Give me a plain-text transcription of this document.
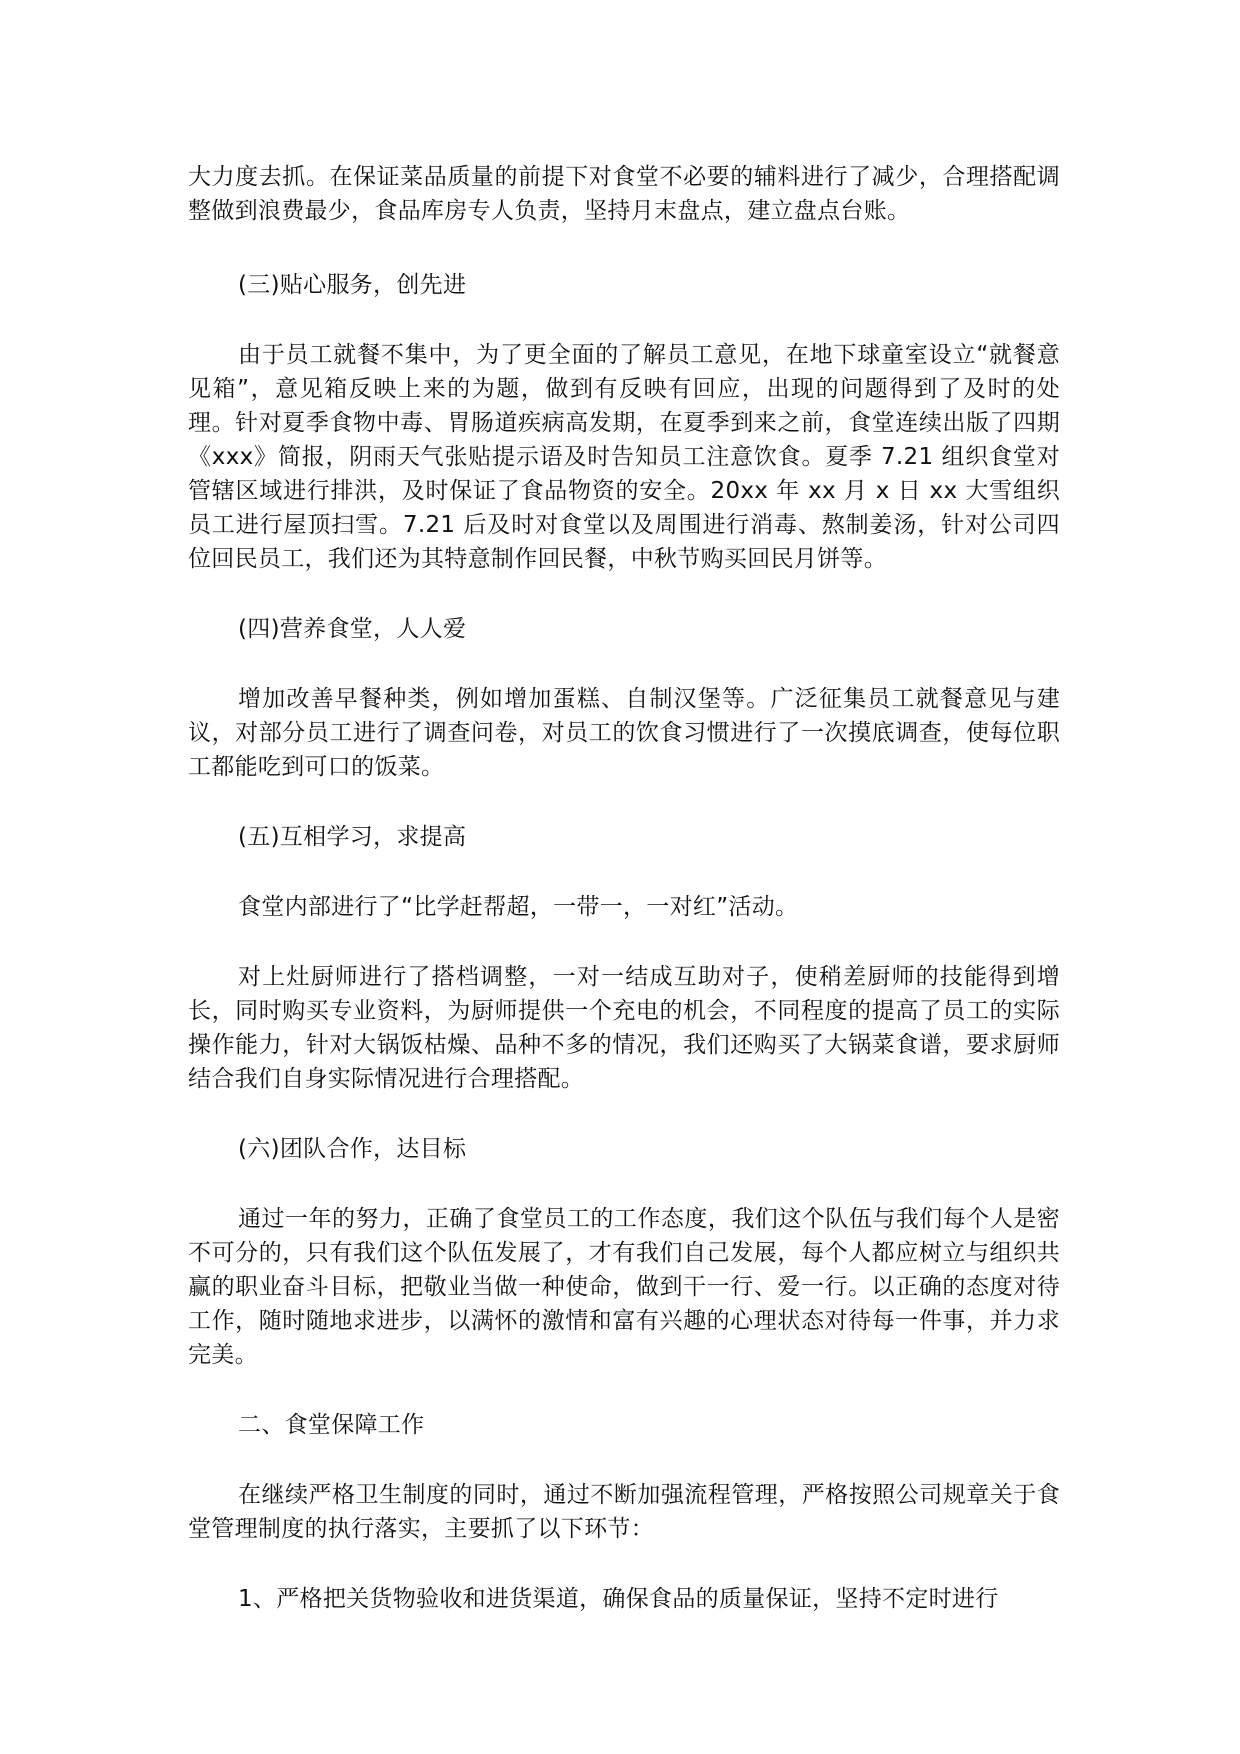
大力度去抓。在保证菜品质量的前提下对食堂不必要的辅料进行了减少，合理搭配调整做到浪费最少，食品库房专人负责，坚持月末盘点，建立盘点台账。

(三)贴心服务，创先进

由于员工就餐不集中，为了更全面的了解员工意见，在地下球童室设立“就餐意见箱”，意见箱反映上来的为题，做到有反映有回应，出现的问题得到了及时的处理。针对夏季食物中毒、胃肠道疾病高发期，在夏季到来之前，食堂连续出版了四期《xxx》简报，阴雨天气张贴提示语及时告知员工注意饮食。夏季 7.21 组织食堂对管辖区域进行排洪，及时保证了食品物资的安全。20xx 年 xx 月 x 日 xx 大雪组织员工进行屋顶扫雪。7.21 后及时对食堂以及周围进行消毒、熬制姜汤，针对公司四位回民员工，我们还为其特意制作回民餐，中秋节购买回民月饼等。

(四)营养食堂，人人爱

增加改善早餐种类，例如增加蛋糕、自制汉堡等。广泛征集员工就餐意见与建议，对部分员工进行了调查问卷，对员工的饮食习惯进行了一次摸底调查，使每位职工都能吃到可口的饭菜。

(五)互相学习，求提高

食堂内部进行了“比学赶帮超，一带一，一对红”活动。

对上灶厨师进行了搭档调整，一对一结成互助对子，使稍差厨师的技能得到增长，同时购买专业资料，为厨师提供一个充电的机会，不同程度的提高了员工的实际操作能力，针对大锅饭枯燥、品种不多的情况，我们还购买了大锅菜食谱，要求厨师结合我们自身实际情况进行合理搭配。

(六)团队合作，达目标

通过一年的努力，正确了食堂员工的工作态度，我们这个队伍与我们每个人是密不可分的，只有我们这个队伍发展了，才有我们自己发展，每个人都应树立与组织共赢的职业奋斗目标，把敬业当做一种使命，做到干一行、爱一行。以正确的态度对待工作，随时随地求进步，以满怀的激情和富有兴趣的心理状态对待每一件事，并力求完美。

二、食堂保障工作

在继续严格卫生制度的同时，通过不断加强流程管理，严格按照公司规章关于食堂管理制度的执行落实，主要抓了以下环节：

1、严格把关货物验收和进货渠道，确保食品的质量保证，坚持不定时进行
